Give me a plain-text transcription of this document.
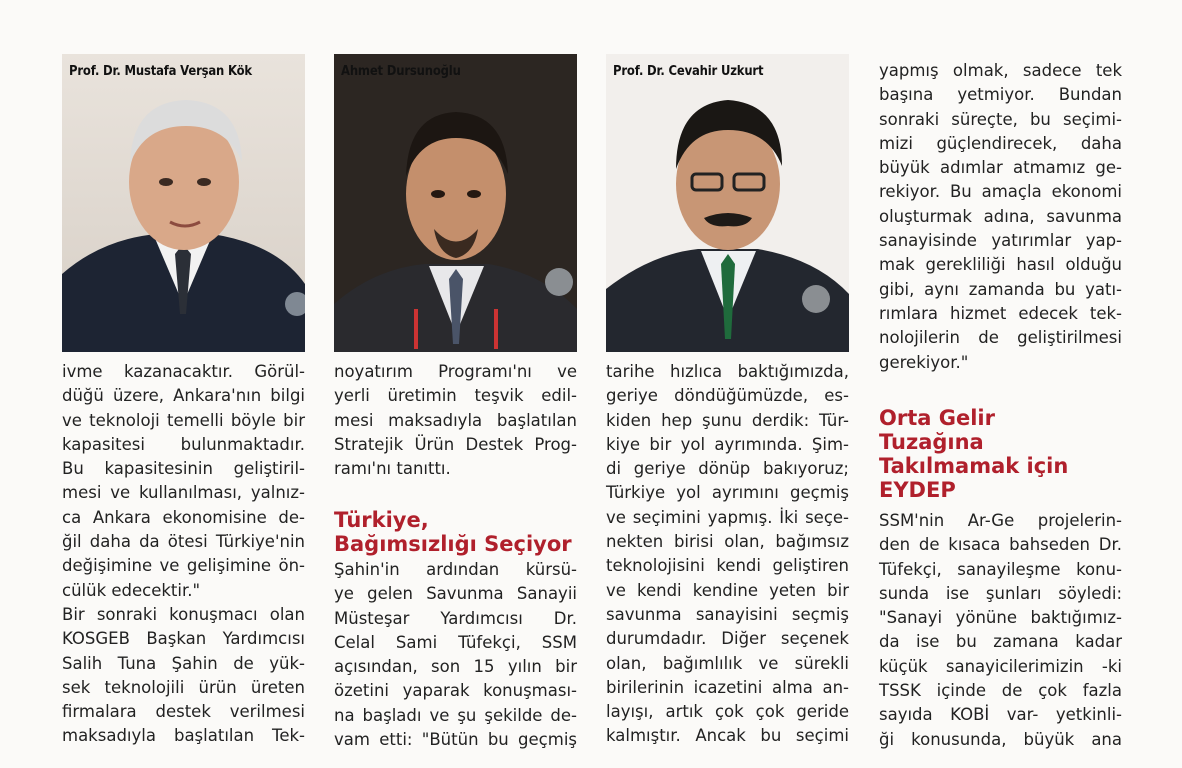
Prof. Dr. Mustafa Verşan Kök
ivme kazanacaktır. Görül-
düğü üzere, Ankara'nın bilgi
ve teknoloji temelli böyle bir
kapasitesi bulunmaktadır.
Bu kapasitesinin geliştiril-
mesi ve kullanılması, yalnız-
ca Ankara ekonomisine de-
ğil daha da ötesi Türkiye'nin
değişimine ve gelişimine ön-
cülük edecektir."
Bir sonraki konuşmacı olan
KOSGEB Başkan Yardımcısı
Salih Tuna Şahin de yük-
sek teknolojili ürün üreten
firmalara destek verilmesi
maksadıyla başlatılan Tek-
Ahmet Dursunoğlu
noyatırım Programı'nı ve
yerli üretimin teşvik edil-
mesi maksadıyla başlatılan
Stratejik Ürün Destek Prog-
ramı'nı tanıttı.
Türkiye,
Bağımsızlığı Seçiyor
Şahin'in ardından kürsü-
ye gelen Savunma Sanayii
Müsteşar Yardımcısı Dr.
Celal Sami Tüfekçi, SSM
açısından, son 15 yılın bir
özetini yaparak konuşması-
na başladı ve şu şekilde de-
vam etti: "Bütün bu geçmiş
Prof. Dr. Cevahir Uzkurt
tarihe hızlıca baktığımızda,
geriye döndüğümüzde, es-
kiden hep şunu derdik: Tür-
kiye bir yol ayrımında. Şim-
di geriye dönüp bakıyoruz;
Türkiye yol ayrımını geçmiş
ve seçimini yapmış. İki seçe-
nekten birisi olan, bağımsız
teknolojisini kendi geliştiren
ve kendi kendine yeten bir
savunma sanayisini seçmiş
durumdadır. Diğer seçenek
olan, bağımlılık ve sürekli
birilerinin icazetini alma an-
layışı, artık çok çok geride
kalmıştır. Ancak bu seçimi
yapmış olmak, sadece tek
başına yetmiyor. Bundan
sonraki süreçte, bu seçimi-
mizi güçlendirecek, daha
büyük adımlar atmamız ge-
rekiyor. Bu amaçla ekonomi
oluşturmak adına, savunma
sanayisinde yatırımlar yap-
mak gerekliliği hasıl olduğu
gibi, aynı zamanda bu yatı-
rımlara hizmet edecek tek-
nolojilerin de geliştirilmesi
gerekiyor."
Orta Gelir
Tuzağına
Takılmamak için
EYDEP
SSM'nin Ar-Ge projelerin-
den de kısaca bahseden Dr.
Tüfekçi, sanayileşme konu-
sunda ise şunları söyledi:
"Sanayi yönüne baktığımız-
da ise bu zamana kadar
küçük sanayicilerimizin -ki
TSSK içinde de çok fazla
sayıda KOBİ var- yetkinli-
ği konusunda, büyük ana
